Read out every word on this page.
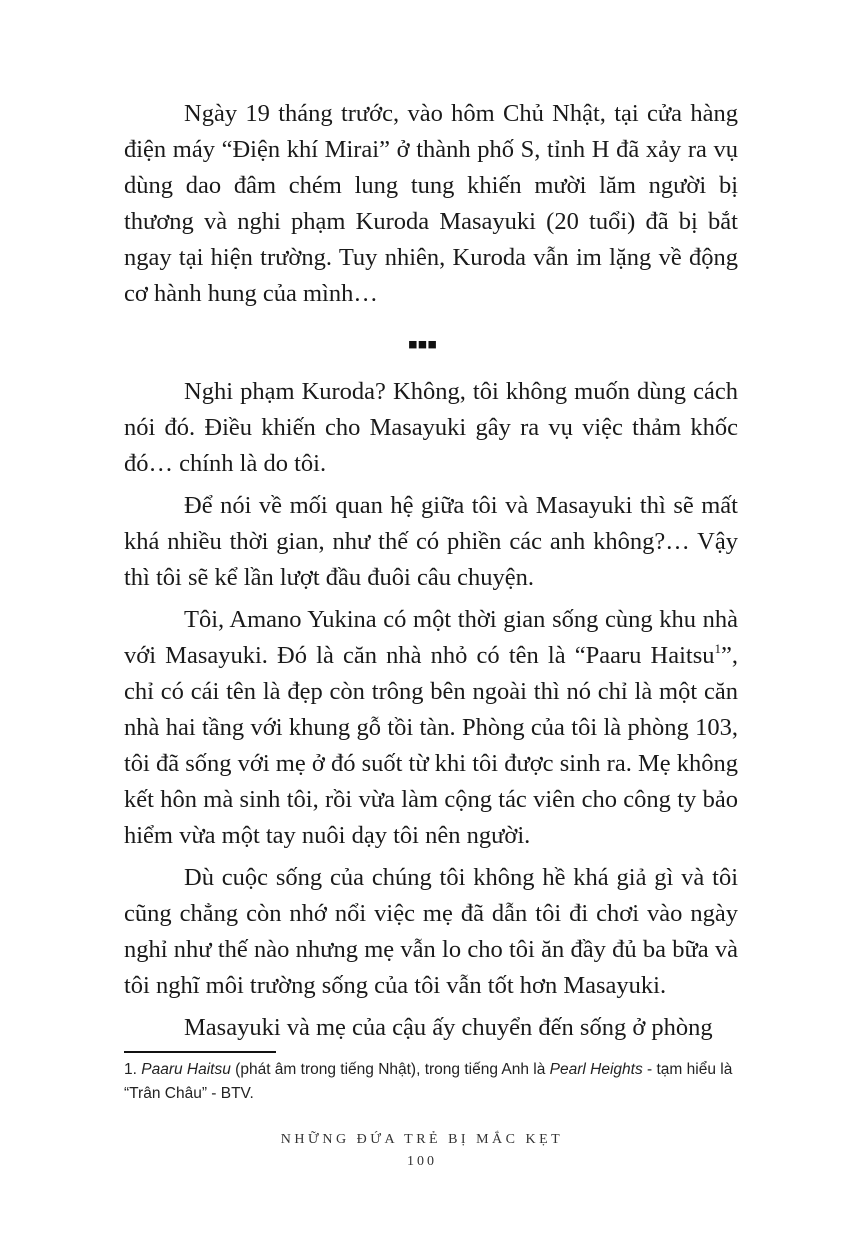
Ngày 19 tháng trước, vào hôm Chủ Nhật, tại cửa hàng điện máy “Điện khí Mirai” ở thành phố S, tỉnh H đã xảy ra vụ dùng dao đâm chém lung tung khiến mười lăm người bị thương và nghi phạm Kuroda Masayuki (20 tuổi) đã bị bắt ngay tại hiện trường. Tuy nhiên, Kuroda vẫn im lặng về động cơ hành hung của mình…

▪▪▪

Nghi phạm Kuroda? Không, tôi không muốn dùng cách nói đó. Điều khiến cho Masayuki gây ra vụ việc thảm khốc đó… chính là do tôi.

Để nói về mối quan hệ giữa tôi và Masayuki thì sẽ mất khá nhiều thời gian, như thế có phiền các anh không?… Vậy thì tôi sẽ kể lần lượt đầu đuôi câu chuyện.

Tôi, Amano Yukina có một thời gian sống cùng khu nhà với Masayuki. Đó là căn nhà nhỏ có tên là “Paaru Haitsu$^1$”, chỉ có cái tên là đẹp còn trông bên ngoài thì nó chỉ là một căn nhà hai tầng với khung gỗ tồi tàn. Phòng của tôi là phòng 103, tôi đã sống với mẹ ở đó suốt từ khi tôi được sinh ra. Mẹ không kết hôn mà sinh tôi, rồi vừa làm cộng tác viên cho công ty bảo hiểm vừa một tay nuôi dạy tôi nên người.

Dù cuộc sống của chúng tôi không hề khá giả gì và tôi cũng chẳng còn nhớ nổi việc mẹ đã dẫn tôi đi chơi vào ngày nghỉ như thế nào nhưng mẹ vẫn lo cho tôi ăn đầy đủ ba bữa và tôi nghĩ môi trường sống của tôi vẫn tốt hơn Masayuki.

Masayuki và mẹ của cậu ấy chuyển đến sống ở phòng

1. Paaru Haitsu (phát âm trong tiếng Nhật), trong tiếng Anh là Pearl Heights - tạm hiểu là “Trân Châu” - BTV.

NHỮNG ĐỨA TRẺ BỊ MẮC KẸT
100
